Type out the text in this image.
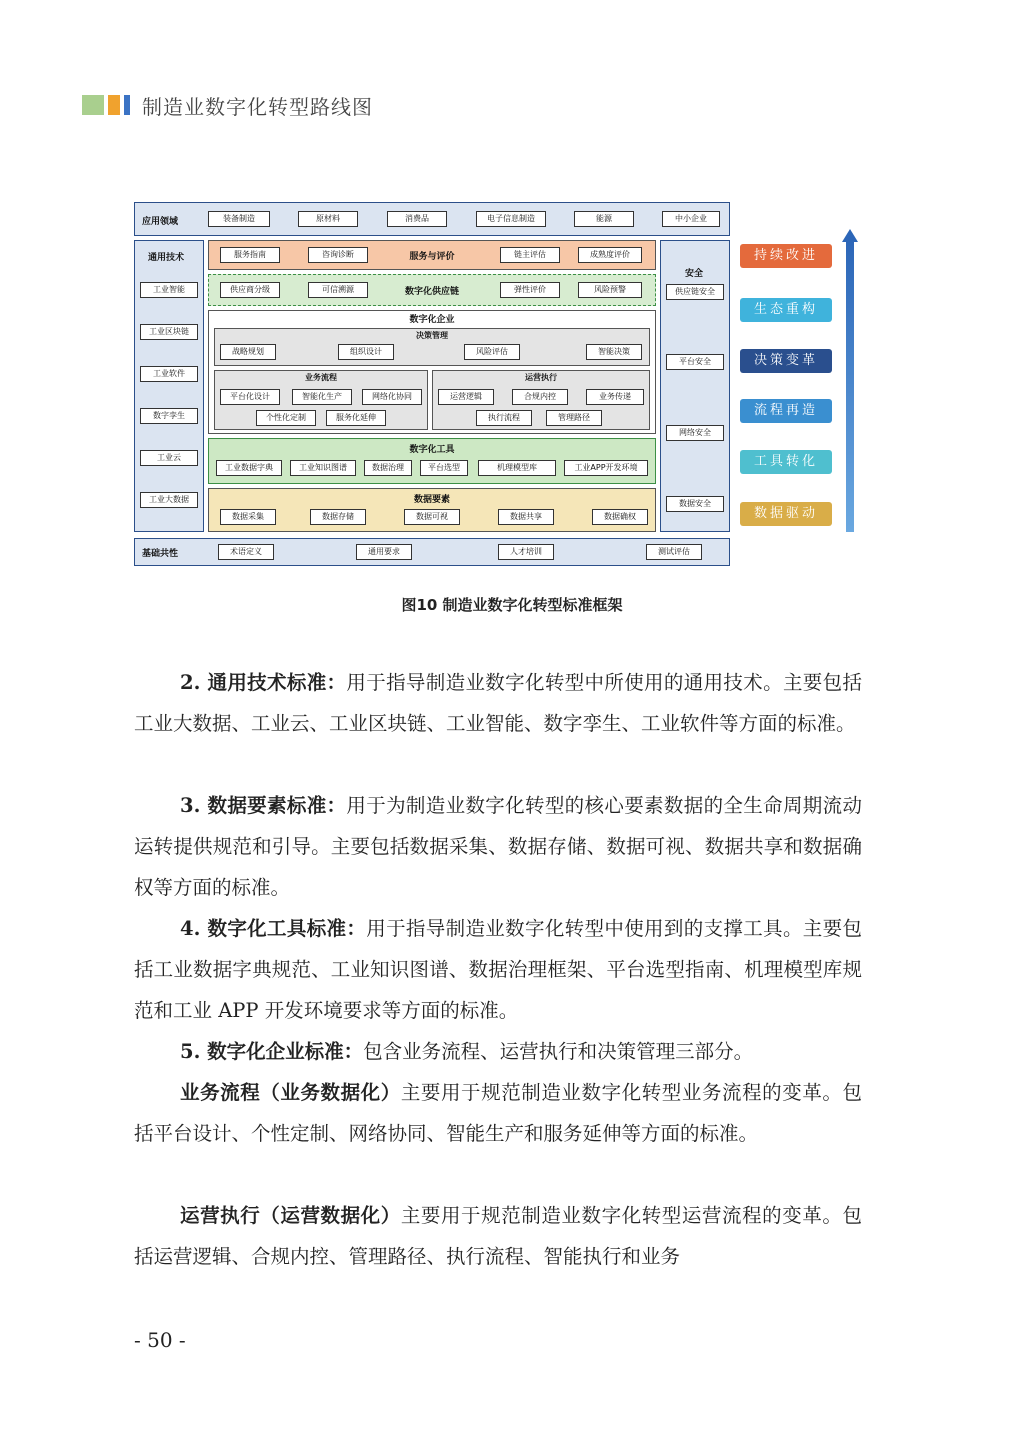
制造业数字化转型路线图
应用领域	装备制造	原材料	消费品	电子信息制造	能源	中小企业
通用技术
工业智能
工业区块链
工业软件
数字孪生
工业云
工业大数据
安全
供应链安全
平台安全
网络安全
数据安全
服务与评价
服务指南	咨询诊断	链主评估	成熟度评价
数字化供应链
供应商分级	可信溯源	弹性评价	风险预警
数字化企业
决策管理
战略规划	组织设计	风险评估	智能决策
业务流程
平台化设计	智能化生产	网络化协同
个性化定制	服务化延伸
运营执行
运营逻辑	合规内控	业务传递
执行流程	管理路径
数字化工具
工业数据字典	工业知识图谱	数据治理	平台选型	机理模型库	工业APP开发环境
数据要素
数据采集	数据存储	数据可视	数据共享	数据确权
基础共性	术语定义	通用要求	人才培训	测试评估
持续改进
生态重构
决策变革
流程再造
工具转化
数据驱动
图10 制造业数字化转型标准框架
2. 通用技术标准：用于指导制造业数字化转型中所使用的通用技术。主要包括工业大数据、工业云、工业区块链、工业智能、数字孪生、工业软件等方面的标准。
3. 数据要素标准：用于为制造业数字化转型的核心要素数据的全生命周期流动运转提供规范和引导。主要包括数据采集、数据存储、数据可视、数据共享和数据确权等方面的标准。
4. 数字化工具标准：用于指导制造业数字化转型中使用到的支撑工具。主要包括工业数据字典规范、工业知识图谱、数据治理框架、平台选型指南、机理模型库规范和工业 APP 开发环境要求等方面的标准。
5. 数字化企业标准：包含业务流程、运营执行和决策管理三部分。
业务流程（业务数据化）主要用于规范制造业数字化转型业务流程的变革。包括平台设计、个性定制、网络协同、智能生产和服务延伸等方面的标准。
运营执行（运营数据化）主要用于规范制造业数字化转型运营流程的变革。包括运营逻辑、合规内控、管理路径、执行流程、智能执行和业务
- 50 -
